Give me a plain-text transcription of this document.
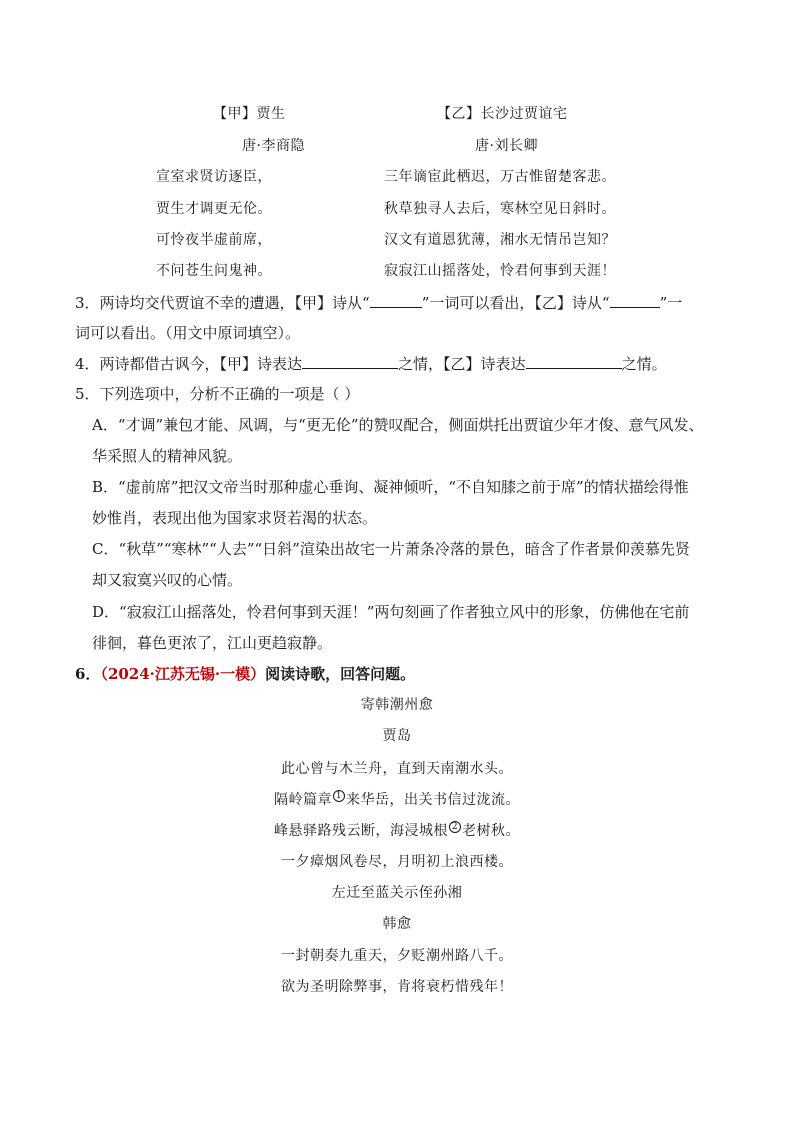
【甲】贾生
唐·李商隐
宣室求贤访逐臣，
贾生才调更无伦。
可怜夜半虚前席，
不问苍生问鬼神。
【乙】长沙过贾谊宅
唐·刘长卿
三年谪宦此栖迟，万古惟留楚客悲。
秋草独寻人去后，寒林空见日斜时。
汉文有道恩犹薄，湘水无情吊岂知？
寂寂江山摇落处，怜君何事到天涯！
3．两诗均交代贾谊不幸的遭遇，【甲】诗从“	”一词可以看出，【乙】诗从“	”一
词可以看出。（用文中原词填空）。
4．两诗都借古讽今，【甲】诗表达	之情，【乙】诗表达	之情。
5．下列选项中，分析不正确的一项是（ ）
A．“才调”兼包才能、风调，与“更无伦”的赞叹配合，侧面烘托出贾谊少年才俊、意气风发、
华采照人的精神风貌。
B．“虚前席”把汉文帝当时那种虚心垂询、凝神倾听，“不自知膝之前于席”的情状描绘得惟
妙惟肖，表现出他为国家求贤若渴的状态。
C．“秋草”“寒林”“人去”“日斜”渲染出故宅一片萧条冷落的景色，暗含了作者景仰羡慕先贤
却又寂寞兴叹的心情。
D．“寂寂江山摇落处，怜君何事到天涯！”两句刻画了作者独立风中的形象，仿佛他在宅前
徘徊，暮色更浓了，江山更趋寂静。
6．（2024·江苏无锡·一模）阅读诗歌，回答问题。
寄韩潮州愈
贾岛
此心曾与木兰舟，直到天南潮水头。
隔岭篇章 $^1$ 来华岳，出关书信过泷流。
峰悬驿路残云断，海浸城根 $^2$ 老树秋。
一夕瘴烟风卷尽，月明初上浪西楼。
左迁至蓝关示侄孙湘
韩愈
一封朝奏九重天，夕贬潮州路八千。
欲为圣明除弊事，肯将衰朽惜残年！
